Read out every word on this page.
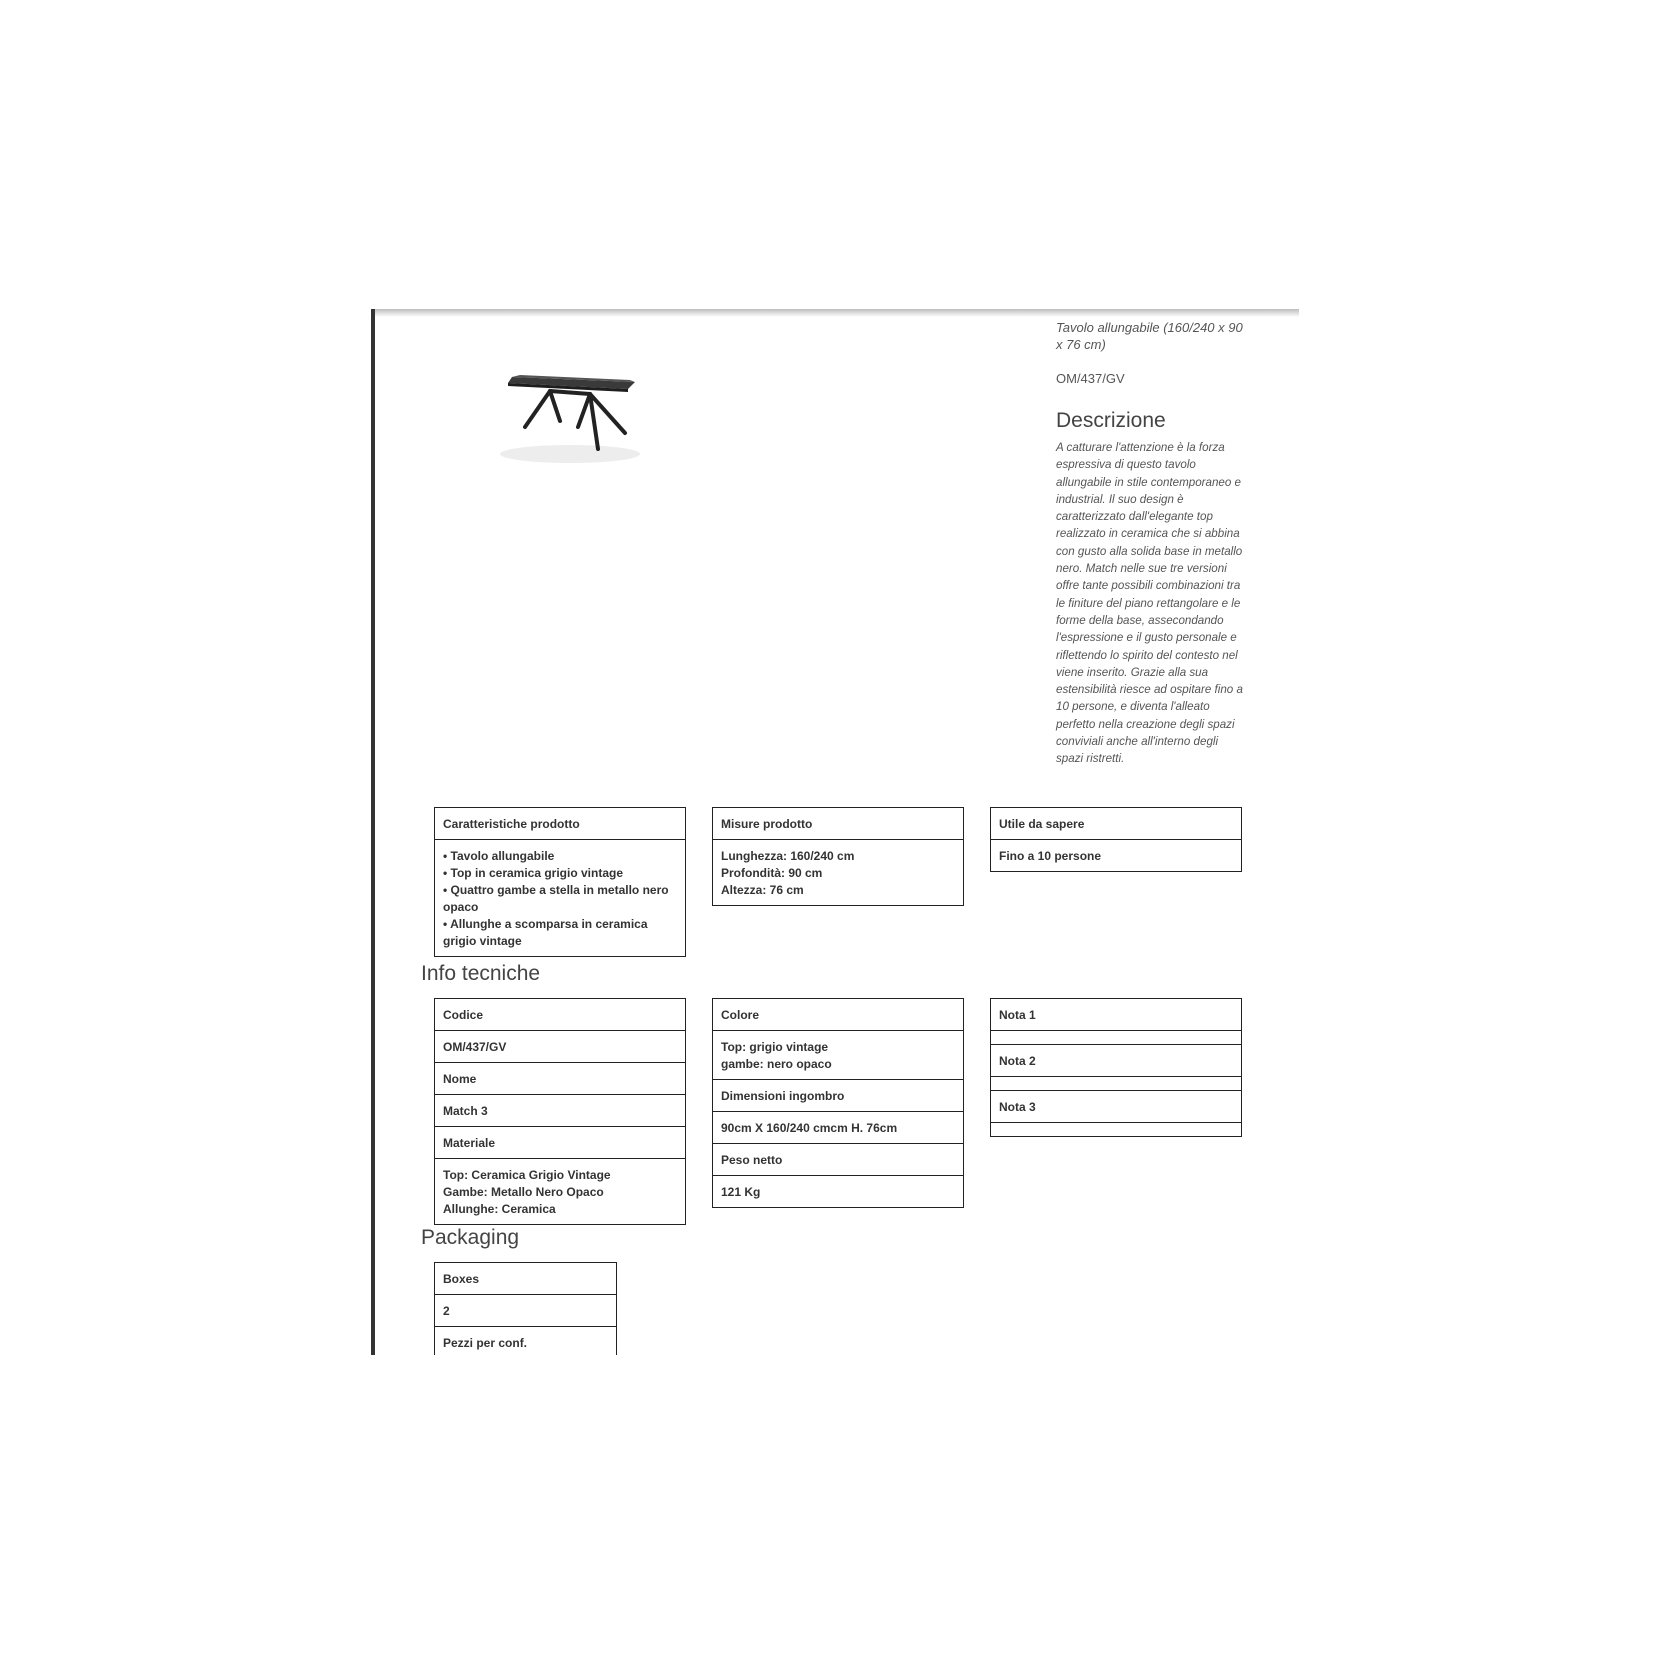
Tavolo allungabile (160/240 x 90 x 76 cm)

OM/437/GV

Descrizione

A catturare l'attenzione è la forza espressiva di questo tavolo allungabile in stile contemporaneo e industrial. Il suo design è caratterizzato dall'elegante top realizzato in ceramica che si abbina con gusto alla solida base in metallo nero. Match nelle sue tre versioni offre tante possibili combinazioni tra le finiture del piano rettangolare e le forme della base, assecondando l'espressione e il gusto personale e riflettendo lo spirito del contesto nel viene inserito. Grazie alla sua estensibilità riesce ad ospitare fino a 10 persone, e diventa l'alleato perfetto nella creazione degli spazi conviviali anche all'interno degli spazi ristretti.

Caratteristiche prodotto
• Tavolo allungabile
• Top in ceramica grigio vintage
• Quattro gambe a stella in metallo nero opaco
• Allunghe a scomparsa in ceramica grigio vintage
Misure prodotto
Lunghezza: 160/240 cm
Profondità: 90 cm
Altezza: 76 cm
Utile da sapere
Fino a 10 persone
Info tecniche
Codice
OM/437/GV
Nome
Match 3
Materiale
Top: Ceramica Grigio Vintage
Gambe: Metallo Nero Opaco
Allunghe: Ceramica
Colore
Top: grigio vintage
gambe: nero opaco
Dimensioni ingombro
90cm X 160/240 cmcm H. 76cm
Peso netto
121 Kg
Nota 1
Nota 2
Nota 3
Packaging
Boxes
2
Pezzi per conf.
